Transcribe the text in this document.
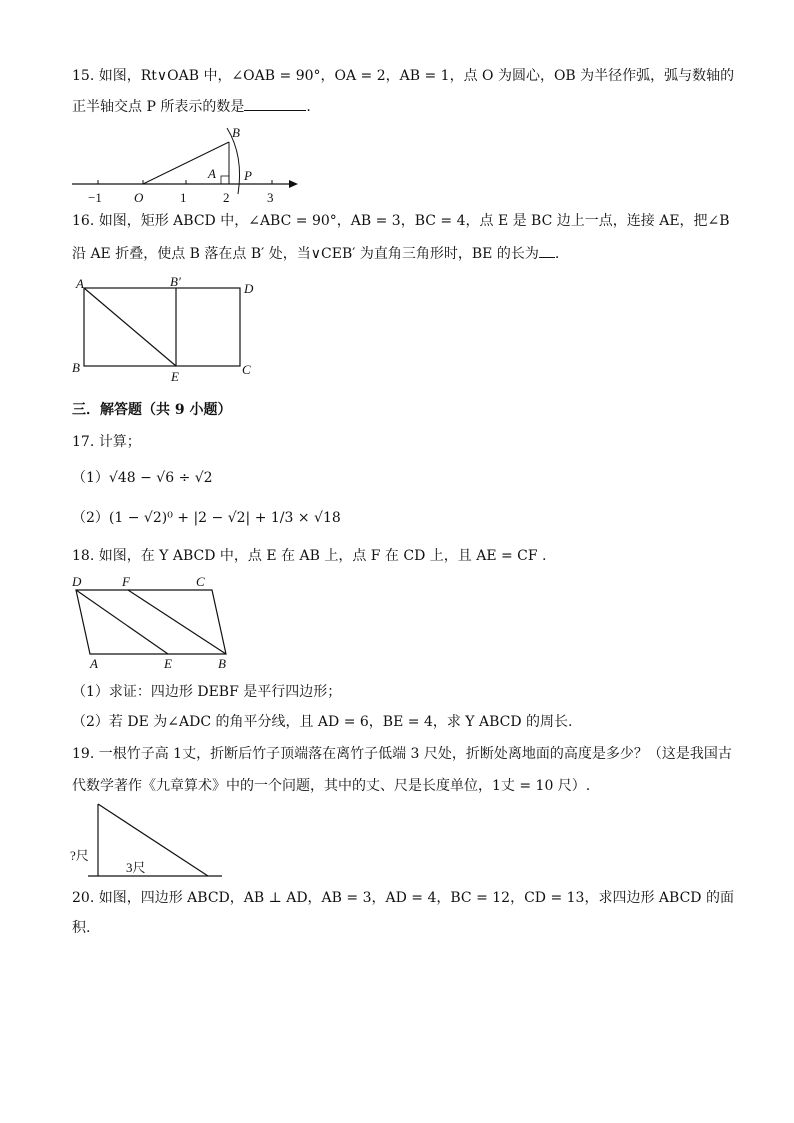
15. 如图，Rt∨OAB 中，∠OAB = 90°，OA = 2，AB = 1，点 O 为圆心，OB 为半径作弧，弧与数轴的
正半轴交点 P 所表示的数是	.
B
A P
O
−1	1	2	3
16. 如图，矩形 ABCD 中，∠ABC = 90°，AB = 3，BC = 4，点 E 是 BC 边上一点，连接 AE，把∠B
沿 AE 折叠，使点 B 落在点 B′ 处，当∨CEB′ 为直角三角形时，BE 的长为 .
A	B′	D
B
E	C
三．解答题（共 9 小题）
17. 计算；
（1）√48 − √6 ÷ √2
（2）(1 − √2)⁰ + |2 − √2| + 1/3 × √18
18. 如图，在 Y ABCD 中，点 E 在 AB 上，点 F 在 CD 上，且 AE = CF .
D	F	C
A	E	B
（1）求证：四边形 DEBF 是平行四边形；
（2）若 DE 为∠ADC 的角平分线，且 AD = 6，BE = 4，求 Y ABCD 的周长.
19. 一根竹子高 1丈，折断后竹子顶端落在离竹子低端 3 尺处，折断处离地面的高度是多少？（这是我国古
代数学著作《九章算术》中的一个问题，其中的丈、尺是长度单位，1丈 = 10 尺）.
?尺
3尺
20. 如图，四边形 ABCD，AB ⊥ AD，AB = 3，AD = 4，BC = 12，CD = 13，求四边形 ABCD 的面
积.
